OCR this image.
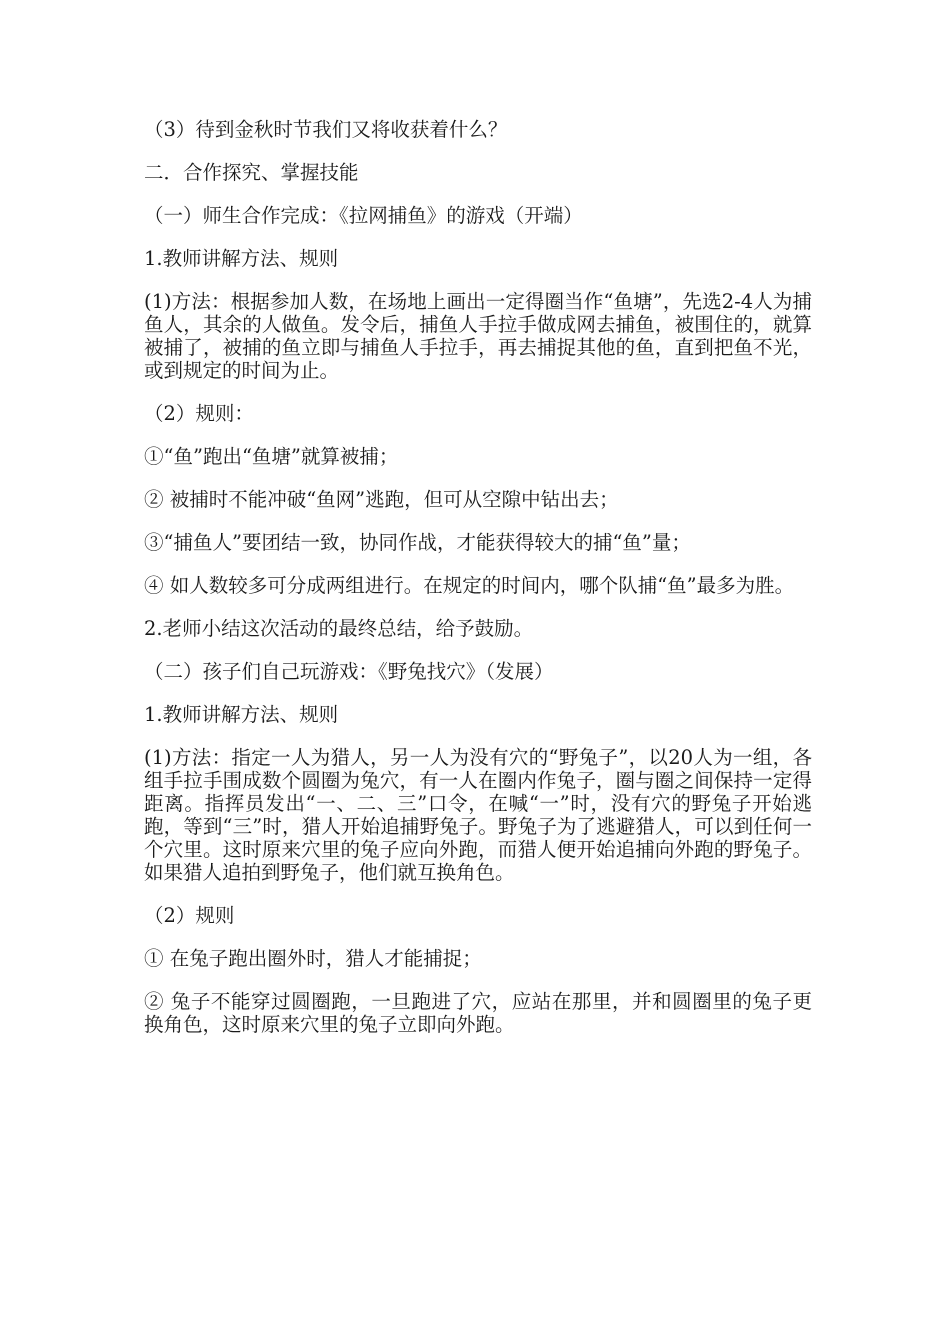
（3）待到金秋时节我们又将收获着什么？

二．合作探究、掌握技能

（一）师生合作完成：《拉网捕鱼》的游戏（开端）

1.教师讲解方法、规则

(1)方法：根据参加人数，在场地上画出一定得圈当作“鱼塘”，先选2-4人为捕鱼人，其余的人做鱼。发令后，捕鱼人手拉手做成网去捕鱼，被围住的，就算被捕了，被捕的鱼立即与捕鱼人手拉手，再去捕捉其他的鱼，直到把鱼不光，或到规定的时间为止。

（2）规则：

①“鱼”跑出“鱼塘”就算被捕；

② 被捕时不能冲破“鱼网”逃跑，但可从空隙中钻出去；

③“捕鱼人”要团结一致，协同作战，才能获得较大的捕“鱼”量；

④ 如人数较多可分成两组进行。在规定的时间内，哪个队捕“鱼”最多为胜。

2.老师小结这次活动的最终总结，给予鼓励。

（二）孩子们自己玩游戏：《野兔找穴》（发展）

1.教师讲解方法、规则

(1)方法：指定一人为猎人，另一人为没有穴的“野兔子”，以20人为一组，各组手拉手围成数个圆圈为兔穴，有一人在圈内作兔子，圈与圈之间保持一定得距离。指挥员发出“一、二、三”口令，在喊“一”时，没有穴的野兔子开始逃跑，等到“三”时，猎人开始追捕野兔子。野兔子为了逃避猎人，可以到任何一个穴里。这时原来穴里的兔子应向外跑，而猎人便开始追捕向外跑的野兔子。如果猎人追拍到野兔子，他们就互换角色。

（2）规则

① 在兔子跑出圈外时，猎人才能捕捉；

② 兔子不能穿过圆圈跑，一旦跑进了穴，应站在那里，并和圆圈里的兔子更换角色，这时原来穴里的兔子立即向外跑。
